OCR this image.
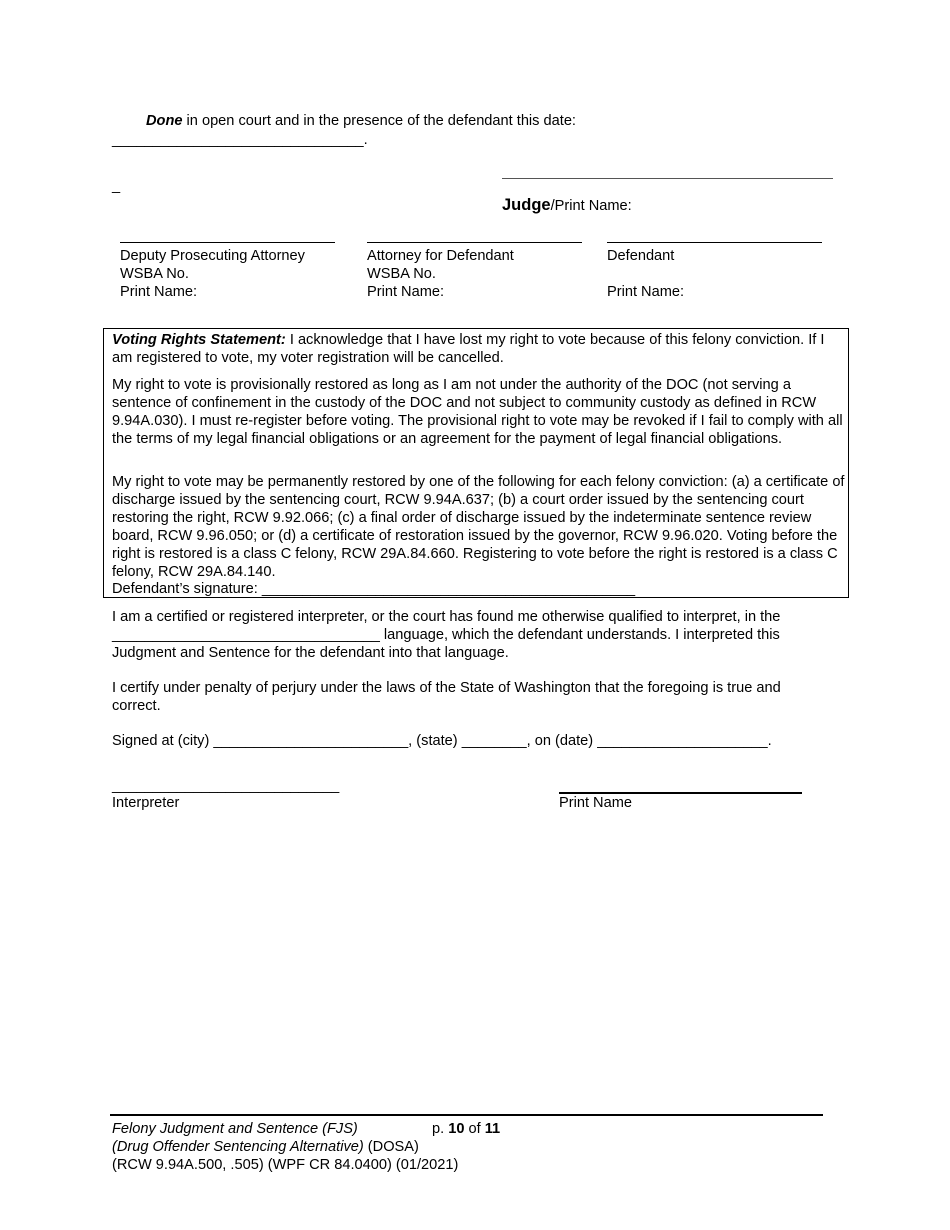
Done in open court and in the presence of the defendant this date:
_______________________________.
_
Judge/Print Name:
Deputy Prosecuting Attorney
WSBA No.
Print Name:
Attorney for Defendant
WSBA No.
Print Name:
Defendant
Print Name:
Voting Rights Statement: I acknowledge that I have lost my right to vote because of this felony conviction. If I am registered to vote, my voter registration will be cancelled.
My right to vote is provisionally restored as long as I am not under the authority of the DOC (not serving a sentence of confinement in the custody of the DOC and not subject to community custody as defined in RCW 9.94A.030). I must re-register before voting. The provisional right to vote may be revoked if I fail to comply with all the terms of my legal financial obligations or an agreement for the payment of legal financial obligations.
My right to vote may be permanently restored by one of the following for each felony conviction: (a) a certificate of discharge issued by the sentencing court, RCW 9.94A.637; (b) a court order issued by the sentencing court restoring the right, RCW 9.92.066; (c) a final order of discharge issued by the indeterminate sentence review board, RCW 9.96.050; or (d) a certificate of restoration issued by the governor, RCW 9.96.020. Voting before the right is restored is a class C felony, RCW 29A.84.660. Registering to vote before the right is restored is a class C felony, RCW 29A.84.140.
Defendant’s signature: ______________________________________________
I am a certified or registered interpreter, or the court has found me otherwise qualified to interpret, in the
_________________________________ language, which the defendant understands. I interpreted this
Judgment and Sentence for the defendant into that language.
I certify under penalty of perjury under the laws of the State of Washington that the foregoing is true and correct.
Signed at (city) ________________________, (state) ________, on (date) _____________________.
____________________________
Interpreter	Print Name
Felony Judgment and Sentence (FJS)	p. 10 of 11
(Drug Offender Sentencing Alternative) (DOSA)
(RCW 9.94A.500, .505) (WPF CR 84.0400) (01/2021)
